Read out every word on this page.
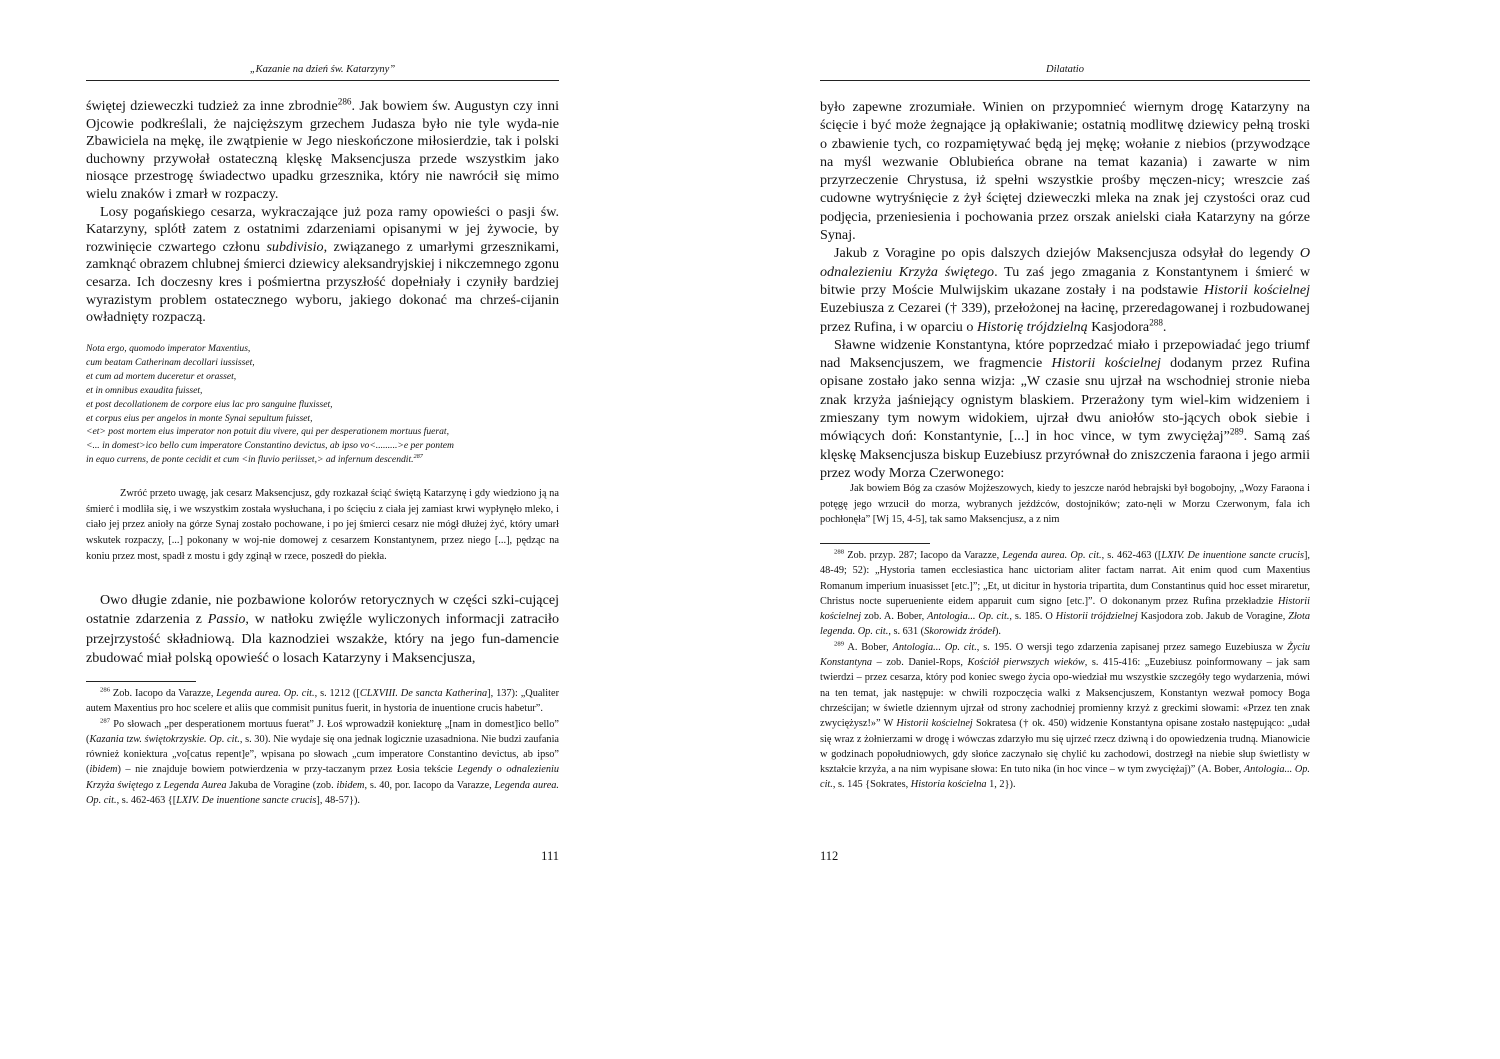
„Kazanie na dzień św. Katarzyny”

świętej dzieweczki tudzież za inne zbrodnie$^{286}$. Jak bowiem św. Augustyn czy inni Ojcowie podkreślali, że najcięższym grzechem Judasza było nie tyle wyda-nie Zbawiciela na mękę, ile zwątpienie w Jego nieskończone miłosierdzie, tak i polski duchowny przywołał ostateczną klęskę Maksencjusza przede wszystkim jako niosące przestrogę świadectwo upadku grzesznika, który nie nawrócił się mimo wielu znaków i zmarł w rozpaczy.

Losy pogańskiego cesarza, wykraczające już poza ramy opowieści o pasji św. Katarzyny, splótł zatem z ostatnimi zdarzeniami opisanymi w jej żywocie, by rozwinięcie czwartego członu subdivisio, związanego z umarłymi grzesznikami, zamknąć obrazem chlubnej śmierci dziewicy aleksandryjskiej i nikczemnego zgonu cesarza. Ich doczesny kres i pośmiertna przyszłość dopełniały i czyniły bardziej wyrazistym problem ostatecznego wyboru, jakiego dokonać ma chrześ-cijanin owładnięty rozpaczą.

Nota ergo, quomodo imperator Maxentius,
cum beatam Catherinam decollari iussisset,
et cum ad mortem duceretur et orasset,
et in omnibus exaudita fuisset,
et post decollationem de corpore eius lac pro sanguine fluxisset,
et corpus eius per angelos in monte Synai sepultum fuisset,
<et> post mortem eius imperator non potuit diu vivere, qui per desperationem mortuus fuerat,
<... in domest>ico bello cum imperatore Constantino devictus, ab ipso vo<.........>e per pontem
in equo currens, de ponte cecidit et cum <in fluvio periisset,> ad infernum descendit.$^{287}$
Zwróć przeto uwagę, jak cesarz Maksencjusz, gdy rozkazał ściąć świętą Katarzynę i gdy wiedziono ją na śmierć i modliła się, i we wszystkim została wysłuchana, i po ścięciu z ciała jej zamiast krwi wypłynęło mleko, i ciało jej przez anioły na górze Synaj zostało pochowane, i po jej śmierci cesarz nie mógł dłużej żyć, który umarł wskutek rozpaczy, [...] pokonany w woj-nie domowej z cesarzem Konstantynem, przez niego [...], pędząc na koniu przez most, spadł z mostu i gdy zginął w rzece, poszedł do piekła.

Owo długie zdanie, nie pozbawione kolorów retorycznych w części szki-cującej ostatnie zdarzenia z Passio, w natłoku zwięźle wyliczonych informacji zatraciło przejrzystość składniową. Dla kaznodziei wszakże, który na jego fun-damencie zbudować miał polską opowieść o losach Katarzyny i Maksencjusza,

$^{286}$ Zob. Iacopo da Varazze, Legenda aurea. Op. cit., s. 1212 ([CLXVIII. De sancta Katherina], 137): „Qualiter autem Maxentius pro hoc scelere et aliis que commisit punitus fuerit, in hystoria de inuentione crucis habetur”.

$^{287}$ Po słowach „per desperationem mortuus fuerat” J. Łoś wprowadził koniekturę „[nam in domest]ico bello” (Kazania tzw. świętokrzyskie. Op. cit., s. 30). Nie wydaje się ona jednak logicznie uzasadniona. Nie budzi zaufania również koniektura „vo[catus repent]e”, wpisana po słowach „cum imperatore Constantino devictus, ab ipso” (ibidem) – nie znajduje bowiem potwierdzenia w przy-taczanym przez Łosia tekście Legendy o odnalezieniu Krzyża świętego z Legenda Aurea Jakuba de Voragine (zob. ibidem, s. 40, por. Iacopo da Varazze, Legenda aurea. Op. cit., s. 462-463 {[LXIV. De inuentione sancte crucis], 48-57}).

111
Dilatatio

było zapewne zrozumiałe. Winien on przypomnieć wiernym drogę Katarzyny na ścięcie i być może żegnające ją opłakiwanie; ostatnią modlitwę dziewicy pełną troski o zbawienie tych, co rozpamiętywać będą jej mękę; wołanie z niebios (przywodzące na myśl wezwanie Oblubieńca obrane na temat kazania) i zawarte w nim przyrzeczenie Chrystusa, iż spełni wszystkie prośby męczen-nicy; wreszcie zaś cudowne wytryśnięcie z żył ściętej dzieweczki mleka na znak jej czystości oraz cud podjęcia, przeniesienia i pochowania przez orszak anielski ciała Katarzyny na górze Synaj.

Jakub z Voragine po opis dalszych dziejów Maksencjusza odsyłał do legendy O odnalezieniu Krzyża świętego. Tu zaś jego zmagania z Konstantynem i śmierć w bitwie przy Moście Mulwijskim ukazane zostały i na podstawie Historii kościelnej Euzebiusza z Cezarei († 339), przełożonej na łacinę, przeredagowanej i rozbudowanej przez Rufina, i w oparciu o Historię trójdzielną Kasjodora$^{288}$.

Sławne widzenie Konstantyna, które poprzedzać miało i przepowiadać jego triumf nad Maksencjuszem, we fragmencie Historii kościelnej dodanym przez Rufina opisane zostało jako senna wizja: „W czasie snu ujrzał na wschodniej stronie nieba znak krzyża jaśniejący ognistym blaskiem. Przerażony tym wiel-kim widzeniem i zmieszany tym nowym widokiem, ujrzał dwu aniołów sto-jących obok siebie i mówiących doń: Konstantynie, [...] in hoc vince, w tym zwyciężaj”$^{289}$. Samą zaś klęskę Maksencjusza biskup Euzebiusz przyrównał do zniszczenia faraona i jego armii przez wody Morza Czerwonego:

Jak bowiem Bóg za czasów Mojżeszowych, kiedy to jeszcze naród hebrajski był bogobojny, „Wozy Faraona i potęgę jego wrzucił do morza, wybranych jeźdźców, dostojników; zato-nęli w Morzu Czerwonym, fala ich pochłonęła” [Wj 15, 4-5], tak samo Maksencjusz, a z nim

$^{288}$ Zob. przyp. 287; Iacopo da Varazze, Legenda aurea. Op. cit., s. 462-463 ([LXIV. De inuentione sancte crucis], 48-49; 52): „Hystoria tamen ecclesiastica hanc uictoriam aliter factam narrat. Ait enim quod cum Maxentius Romanum imperium inuasisset [etc.]”; „Et, ut dicitur in hystoria tripartita, dum Constantinus quid hoc esset miraretur, Christus nocte superueniente eidem apparuit cum signo [etc.]”. O dokonanym przez Rufina przekładzie Historii kościelnej zob. A. Bober, Antologia... Op. cit., s. 185. O Historii trójdzielnej Kasjodora zob. Jakub de Voragine, Złota legenda. Op. cit., s. 631 (Skorowidz źródeł).

$^{289}$ A. Bober, Antologia... Op. cit., s. 195. O wersji tego zdarzenia zapisanej przez samego Euzebiusza w Życiu Konstantyna – zob. Daniel-Rops, Kościół pierwszych wieków, s. 415-416: „Euzebiusz poinformowany – jak sam twierdzi – przez cesarza, który pod koniec swego życia opo-wiedział mu wszystkie szczegóły tego wydarzenia, mówi na ten temat, jak następuje: w chwili rozpoczęcia walki z Maksencjuszem, Konstantyn wezwał pomocy Boga chrześcijan; w świetle dziennym ujrzał od strony zachodniej promienny krzyż z greckimi słowami: «Przez ten znak zwyciężysz!»” W Historii kościelnej Sokratesa († ok. 450) widzenie Konstantyna opisane zostało następująco: „udał się wraz z żołnierzami w drogę i wówczas zdarzyło mu się ujrzeć rzecz dziwną i do opowiedzenia trudną. Mianowicie w godzinach popołudniowych, gdy słońce zaczynało się chylić ku zachodowi, dostrzegł na niebie słup świetlisty w kształcie krzyża, a na nim wypisane słowa: En tuto nika (in hoc vince – w tym zwyciężaj)” (A. Bober, Antologia... Op. cit., s. 145 {Sokrates, Historia kościelna 1, 2}).

112
